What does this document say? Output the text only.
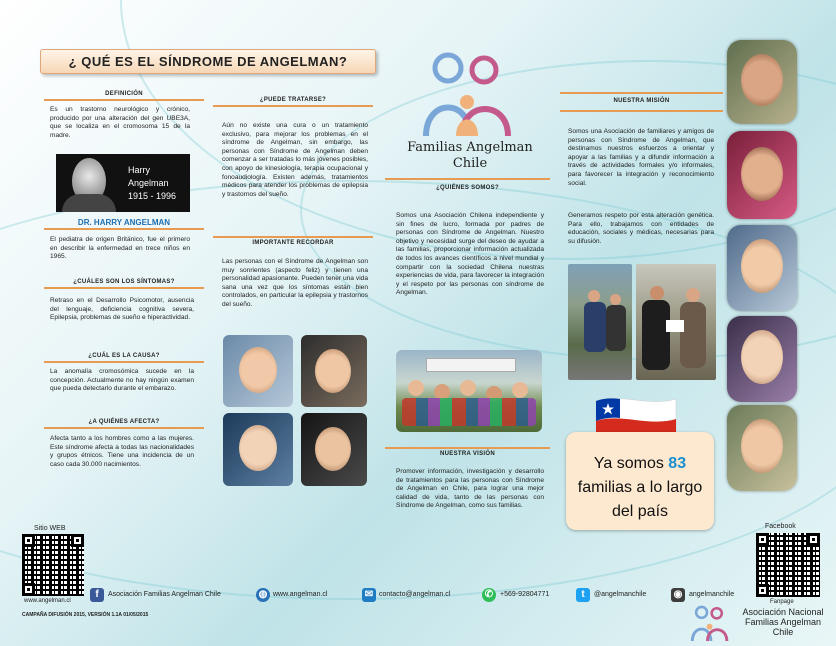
¿ QUÉ ES EL SÍNDROME DE ANGELMAN?
DEFINICIÓN
Es un trastorno neurológico y crónico, producido por una alteración del gen UBE3A, que se localiza en el cromosoma 15 de la madre.
Harry Angelman
1915 - 1996
DR. HARRY ANGELMAN
El pediatra de origen Británico, fue el primero en describir la enfermedad en trece niños en 1965.
¿CUÁLES SON LOS SÍNTOMAS?
Retraso en el Desarrollo Psicomotor, ausencia del lenguaje, deficiencia cognitiva severa, Epilepsia, problemas de sueño e hiperactividad.
¿CUÁL ES LA CAUSA?
La anomalía cromosómica sucede en la concepción. Actualmente no hay ningún examen que pueda detectarlo durante el embarazo.
¿A QUIÉNES AFECTA?
Afecta tanto a los hombres como a las mujeres. Este síndrome afecta a todas las nacionalidades y grupos étnicos. Tiene una incidencia de un caso cada 30.000 nacimientos.
¿PUEDE TRATARSE?
Aún no existe una cura o un tratamiento exclusivo, para mejorar los problemas en el síndrome de Angelman, sin embargo, las personas con Síndrome de Angelman deben comenzar a ser tratadas lo más jóvenes posibles, con apoyo de kinesiología, terapia ocupacional y fonoaudiología. Existen además, tratamientos médicos para atender los problemas de epilepsia y trastornos del sueño.
IMPORTANTE RECORDAR
Las personas con el Síndrome de Angelman son muy sonrientes (aspecto feliz) y tienen una personalidad apasionante. Pueden tener una vida sana una vez que los síntomas están bien controlados, en particular la epilepsia y trastornos del sueño.
Familias Angelman
Chile
¿QUIÉNES SOMOS?
Somos una Asociación Chilena independiente y sin fines de lucro, formada por padres de personas con Síndrome de Angelman. Nuestro objetivo y necesidad surge del deseo de ayudar a las familias, proporcionar información actualizada de todos los avances científicos a nivel mundial y compartir con la sociedad Chilena nuestras experiencias de vida, para favorecer la integración y el respeto por las personas con síndrome de Angelman.
NUESTRA VISIÓN
Promover información, investigación y desarrollo de tratamientos para las personas con Síndrome de Angelman en Chile, para lograr una mejor calidad de vida, tanto de las personas con Síndrome de Angelman, como sus familias.
NUESTRA MISIÓN
Somos una Asociación de familiares y amigos de personas con Síndrome de Angelman, que destinamos nuestros esfuerzos a orientar y apoyar a las familias y a difundir información a través de actividades formales y/o informales, para favorecer la integración y reconocimiento social.
Generamos respeto por esta alteración genética. Para ello, trabajamos con entidades de educación, sociales y médicas, necesarias para su difusión.
Ya somos 83
familias a lo largo del país
Sitio WEB
www.angelman.cl
f	Asociación Familias Angelman Chile	◍ www.angelman.cl	✉ contacto@angelman.cl	✆ +569-92804771	t	@angelmanchile	◉ angelmanchile
CAMPAÑA DIFUSIÓN 2015, VERSIÓN 1.1A 01/05/2015
Facebook
Fanpage
Asociación Nacional
Familias Angelman
Chile
